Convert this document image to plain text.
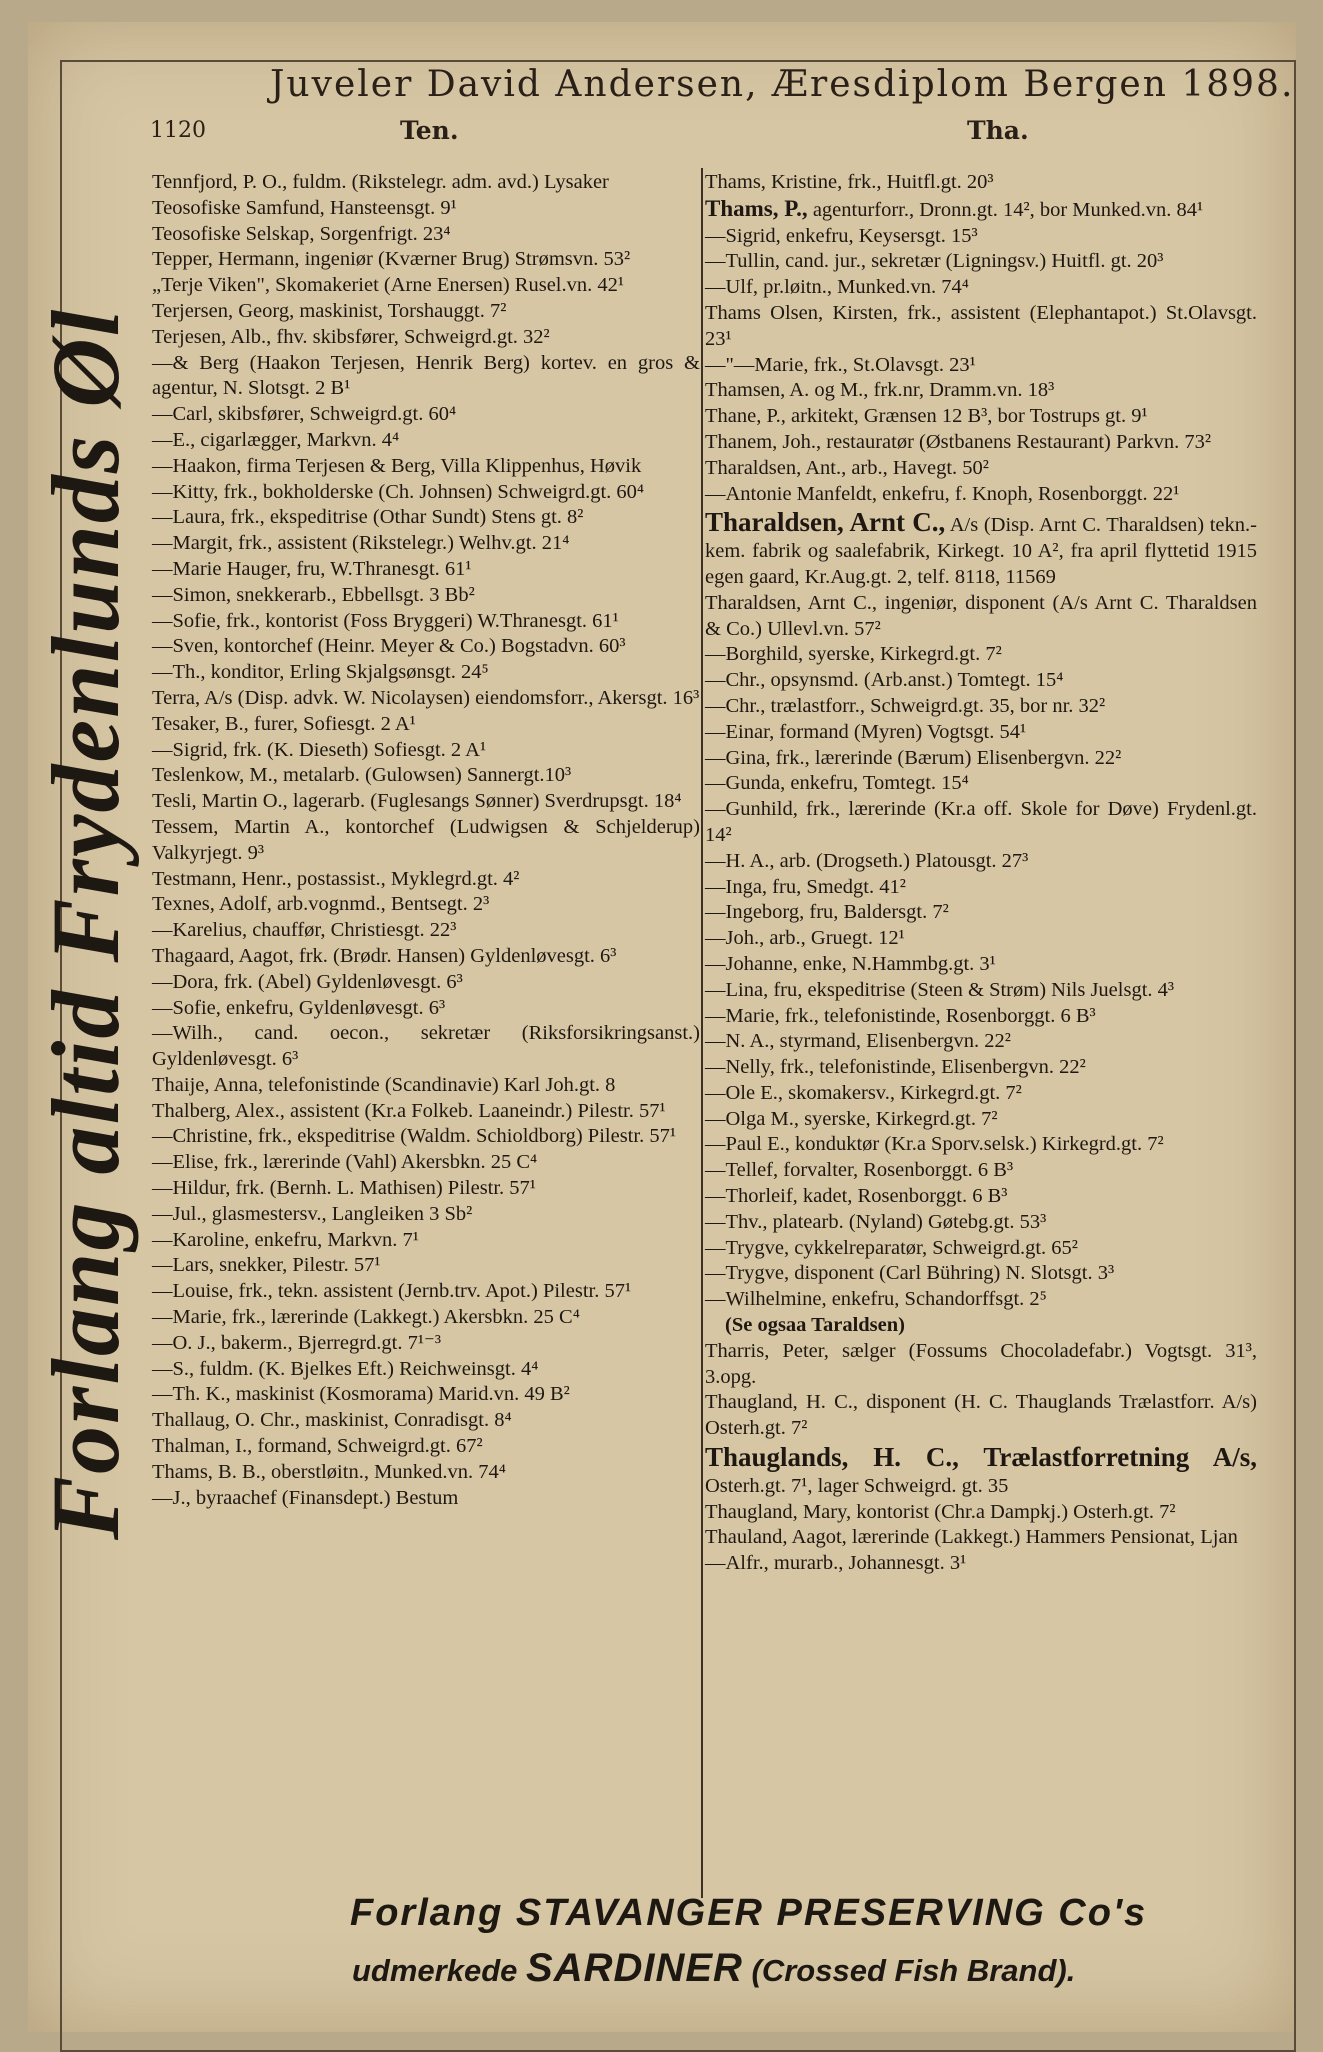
Juveler David Andersen, Æresdiplom Bergen 1898.
1120	Ten.	Tha.
Forlang altid Frydenlunds Øl
Tennfjord, P. O., fuldm. (Rikstelegr. adm. avd.) Lysaker
Teosofiske Samfund, Hansteensgt. 9¹
Teosofiske Selskap, Sorgenfrigt. 23⁴
Tepper, Hermann, ingeniør (Kværner Brug) Strømsvn. 53²
„Terje Viken", Skomakeriet (Arne Enersen) Rusel.vn. 42¹
Terjersen, Georg, maskinist, Torshauggt. 7²
Terjesen, Alb., fhv. skibsfører, Schweigrd.gt. 32²
—& Berg (Haakon Terjesen, Henrik Berg) kortev. en gros & agentur, N. Slotsgt. 2 B¹
—Carl, skibsfører, Schweigrd.gt. 60⁴
—E., cigarlægger, Markvn. 4⁴
—Haakon, firma Terjesen & Berg, Villa Klippenhus, Høvik
—Kitty, frk., bokholderske (Ch. Johnsen) Schweigrd.gt. 60⁴
—Laura, frk., ekspeditrise (Othar Sundt) Stens gt. 8²
—Margit, frk., assistent (Rikstelegr.) Welhv.gt. 21⁴
—Marie Hauger, fru, W.Thranesgt. 61¹
—Simon, snekkerarb., Ebbellsgt. 3 Bb²
—Sofie, frk., kontorist (Foss Bryggeri) W.Thranesgt. 61¹
—Sven, kontorchef (Heinr. Meyer & Co.) Bogstadvn. 60³
—Th., konditor, Erling Skjalgsønsgt. 24⁵
Terra, A/s (Disp. advk. W. Nicolaysen) eiendomsforr., Akersgt. 16³
Tesaker, B., furer, Sofiesgt. 2 A¹
—Sigrid, frk. (K. Dieseth) Sofiesgt. 2 A¹
Teslenkow, M., metalarb. (Gulowsen) Sannergt.10³
Tesli, Martin O., lagerarb. (Fuglesangs Sønner) Sverdrupsgt. 18⁴
Tessem, Martin A., kontorchef (Ludwigsen & Schjelderup) Valkyrjegt. 9³
Testmann, Henr., postassist., Myklegrd.gt. 4²
Texnes, Adolf, arb.vognmd., Bentsegt. 2³
—Karelius, chauffør, Christiesgt. 22³
Thagaard, Aagot, frk. (Brødr. Hansen) Gyldenløvesgt. 6³
—Dora, frk. (Abel) Gyldenløvesgt. 6³
—Sofie, enkefru, Gyldenløvesgt. 6³
—Wilh., cand. oecon., sekretær (Riksforsikringsanst.) Gyldenløvesgt. 6³
Thaije, Anna, telefonistinde (Scandinavie) Karl Joh.gt. 8
Thalberg, Alex., assistent (Kr.a Folkeb. Laaneindr.) Pilestr. 57¹
—Christine, frk., ekspeditrise (Waldm. Schioldborg) Pilestr. 57¹
—Elise, frk., lærerinde (Vahl) Akersbkn. 25 C⁴
—Hildur, frk. (Bernh. L. Mathisen) Pilestr. 57¹
—Jul., glasmestersv., Langleiken 3 Sb²
—Karoline, enkefru, Markvn. 7¹
—Lars, snekker, Pilestr. 57¹
—Louise, frk., tekn. assistent (Jernb.trv. Apot.) Pilestr. 57¹
—Marie, frk., lærerinde (Lakkegt.) Akersbkn. 25 C⁴
—O. J., bakerm., Bjerregrd.gt. 7¹⁻³
—S., fuldm. (K. Bjelkes Eft.) Reichweinsgt. 4⁴
—Th. K., maskinist (Kosmorama) Marid.vn. 49 B²
Thallaug, O. Chr., maskinist, Conradisgt. 8⁴
Thalman, I., formand, Schweigrd.gt. 67²
Thams, B. B., oberstløitn., Munked.vn. 74⁴
—J., byraachef (Finansdept.) Bestum
Thams, Kristine, frk., Huitfl.gt. 20³
Thams, P., agenturforr., Dronn.gt. 14², bor Munked.vn. 84¹
—Sigrid, enkefru, Keysersgt. 15³
—Tullin, cand. jur., sekretær (Ligningsv.) Huitfl. gt. 20³
—Ulf, pr.løitn., Munked.vn. 74⁴
Thams Olsen, Kirsten, frk., assistent (Elephantapot.) St.Olavsgt. 23¹
—"—Marie, frk., St.Olavsgt. 23¹
Thamsen, A. og M., frk.nr, Dramm.vn. 18³
Thane, P., arkitekt, Grænsen 12 B³, bor Tostrups gt. 9¹
Thanem, Joh., restauratør (Østbanens Restaurant) Parkvn. 73²
Tharaldsen, Ant., arb., Havegt. 50²
—Antonie Manfeldt, enkefru, f. Knoph, Rosenborggt. 22¹
Tharaldsen, Arnt C., A/s (Disp. Arnt C. Tharaldsen) tekn.-kem. fabrik og saalefabrik, Kirkegt. 10 A², fra april flyttetid 1915 egen gaard, Kr.Aug.gt. 2, telf. 8118, 11569
Tharaldsen, Arnt C., ingeniør, disponent (A/s Arnt C. Tharaldsen & Co.) Ullevl.vn. 57²
—Borghild, syerske, Kirkegrd.gt. 7²
—Chr., opsynsmd. (Arb.anst.) Tomtegt. 15⁴
—Chr., trælastforr., Schweigrd.gt. 35, bor nr. 32²
—Einar, formand (Myren) Vogtsgt. 54¹
—Gina, frk., lærerinde (Bærum) Elisenbergvn. 22²
—Gunda, enkefru, Tomtegt. 15⁴
—Gunhild, frk., lærerinde (Kr.a off. Skole for Døve) Frydenl.gt. 14²
—H. A., arb. (Drogseth.) Platousgt. 27³
—Inga, fru, Smedgt. 41²
—Ingeborg, fru, Baldersgt. 7²
—Joh., arb., Gruegt. 12¹
—Johanne, enke, N.Hammbg.gt. 3¹
—Lina, fru, ekspeditrise (Steen & Strøm) Nils Juelsgt. 4³
—Marie, frk., telefonistinde, Rosenborggt. 6 B³
—N. A., styrmand, Elisenbergvn. 22²
—Nelly, frk., telefonistinde, Elisenbergvn. 22²
—Ole E., skomakersv., Kirkegrd.gt. 7²
—Olga M., syerske, Kirkegrd.gt. 7²
—Paul E., konduktør (Kr.a Sporv.selsk.) Kirkegrd.gt. 7²
—Tellef, forvalter, Rosenborggt. 6 B³
—Thorleif, kadet, Rosenborggt. 6 B³
—Thv., platearb. (Nyland) Gøtebg.gt. 53³
—Trygve, cykkelreparatør, Schweigrd.gt. 65²
—Trygve, disponent (Carl Bühring) N. Slotsgt. 3³
—Wilhelmine, enkefru, Schandorffsgt. 2⁵
(Se ogsaa Taraldsen)
Tharris, Peter, sælger (Fossums Chocoladefabr.) Vogtsgt. 31³, 3.opg.
Thaugland, H. C., disponent (H. C. Thauglands Trælastforr. A/s) Osterh.gt. 7²
Thauglands, H. C., Trælastforretning A/s, Osterh.gt. 7¹, lager Schweigrd. gt. 35
Thaugland, Mary, kontorist (Chr.a Dampkj.) Osterh.gt. 7²
Thauland, Aagot, lærerinde (Lakkegt.) Hammers Pensionat, Ljan
—Alfr., murarb., Johannesgt. 3¹
Forlang STAVANGER PRESERVING Co's
udmerkede SARDINER (Crossed Fish Brand).
